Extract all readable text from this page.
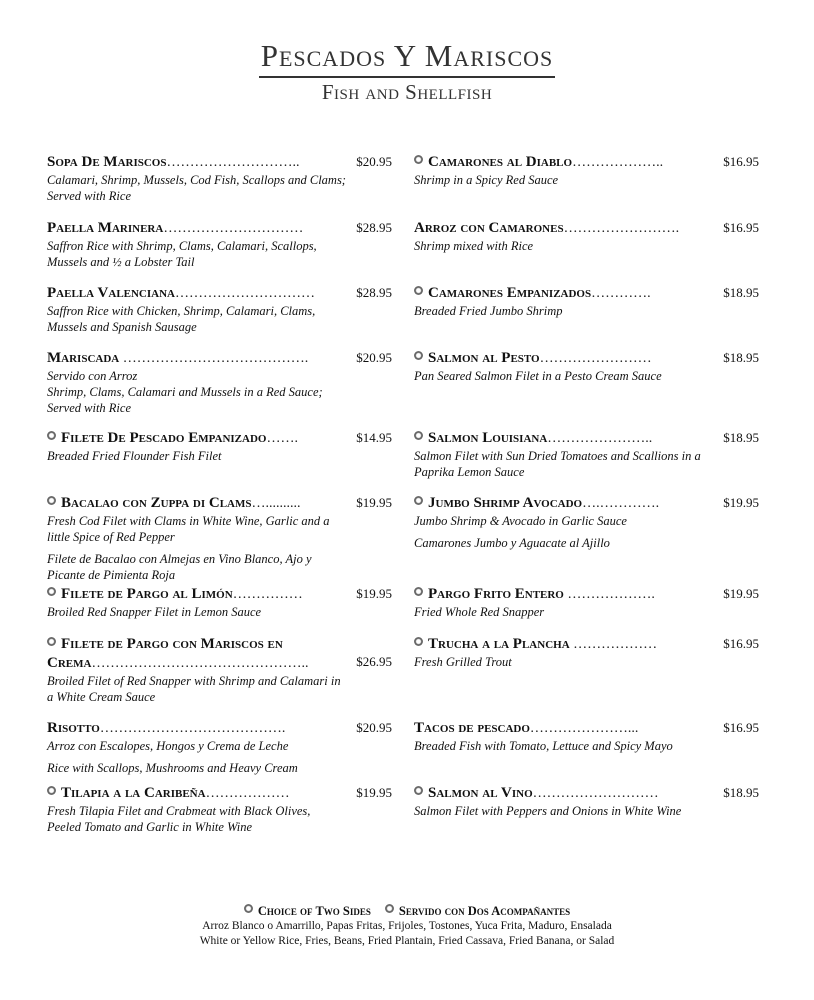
Pescados Y Mariscos
Fish and Shellfish
Sopa De Mariscos………………………..	$20.95
Calamari, Shrimp, Mussels, Cod Fish, Scallops and Clams; Served with Rice
Paella Marinera…………………………	$28.95
Saffron Rice with Shrimp, Clams, Calamari, Scallops, Mussels and ½ a Lobster Tail
Paella Valenciana…………………………	$28.95
Saffron Rice with Chicken, Shrimp, Calamari, Clams, Mussels and Spanish Sausage
Mariscada ………………………………….	$20.95
Servido con Arroz
Shrimp, Clams, Calamari and Mussels in a Red Sauce; Served with Rice
Filete De Pescado Empanizado…….	$14.95
Breaded Fried Flounder Fish Filet
Bacalao con Zuppa di Clams…..........	$19.95
Fresh Cod Filet with Clams in White Wine, Garlic and a little Spice of Red Pepper
Filete de Bacalao con Almejas en Vino Blanco, Ajo y Picante de Pimienta Roja
Filete de Pargo al Limón……………	$19.95
Broiled Red Snapper Filet in Lemon Sauce
Filete de Pargo con Mariscos en Crema………………………………………..	$26.95
Broiled Filet of Red Snapper with Shrimp and Calamari in a White Cream Sauce
Risotto………………………………….	$20.95
Arroz con Escalopes, Hongos y Crema de Leche
Rice with Scallops, Mushrooms and Heavy Cream
Tilapia a la Caribeña………………	$19.95
Fresh Tilapia Filet and Crabmeat with Black Olives, Peeled Tomato and Garlic in White Wine
Camarones al Diablo………………..	$16.95
Shrimp in a Spicy Red Sauce
Arroz con Camarones…………………….	$16.95
Shrimp mixed with Rice
Camarones Empanizados………….	$18.95
Breaded Fried Jumbo Shrimp
Salmon al Pesto……………………	$18.95
Pan Seared Salmon Filet in a Pesto Cream Sauce
Salmon Louisiana…………………..	$18.95
Salmon Filet with Sun Dried Tomatoes and Scallions in a Paprika Lemon Sauce
Jumbo Shrimp Avocado….………….	$19.95
Jumbo Shrimp & Avocado in Garlic Sauce
Camarones Jumbo y Aguacate al Ajillo
Pargo Frito Entero ……………….	$19.95
Fried Whole Red Snapper
Trucha a la Plancha ………………	$16.95
Fresh Grilled Trout
Tacos de pescado…………………...	$16.95
Breaded Fish with Tomato, Lettuce and Spicy Mayo
Salmon al Vino………………………	$18.95
Salmon Filet with Peppers and Onions in White Wine
Choice of Two Sides Servido con Dos Acompañantes
Arroz Blanco o Amarrillo, Papas Fritas, Frijoles, Tostones, Yuca Frita, Maduro, Ensalada
White or Yellow Rice, Fries, Beans, Fried Plantain, Fried Cassava, Fried Banana, or Salad
